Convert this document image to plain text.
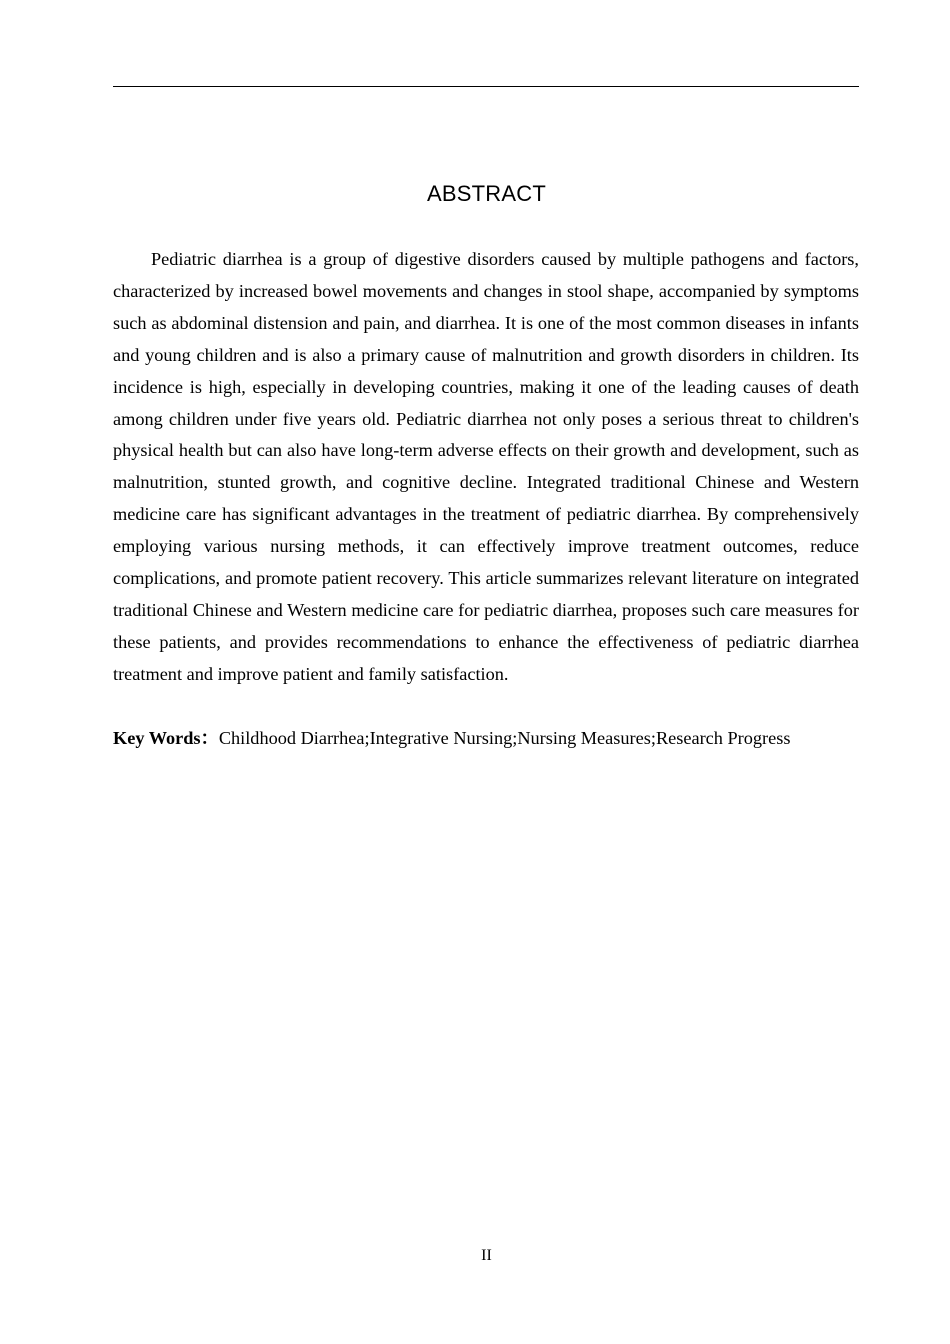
ABSTRACT

Pediatric diarrhea is a group of digestive disorders caused by multiple pathogens and factors, characterized by increased bowel movements and changes in stool shape, accompanied by symptoms such as abdominal distension and pain, and diarrhea. It is one of the most common diseases in infants and young children and is also a primary cause of malnutrition and growth disorders in children. Its incidence is high, especially in developing countries, making it one of the leading causes of death among children under five years old. Pediatric diarrhea not only poses a serious threat to children's physical health but can also have long-term adverse effects on their growth and development, such as malnutrition, stunted growth, and cognitive decline. Integrated traditional Chinese and Western medicine care has significant advantages in the treatment of pediatric diarrhea. By comprehensively employing various nursing methods, it can effectively improve treatment outcomes, reduce complications, and promote patient recovery. This article summarizes relevant literature on integrated traditional Chinese and Western medicine care for pediatric diarrhea, proposes such care measures for these patients, and provides recommendations to enhance the effectiveness of pediatric diarrhea treatment and improve patient and family satisfaction.

Key Words：Childhood Diarrhea;Integrative Nursing;Nursing Measures;Research Progress
II
